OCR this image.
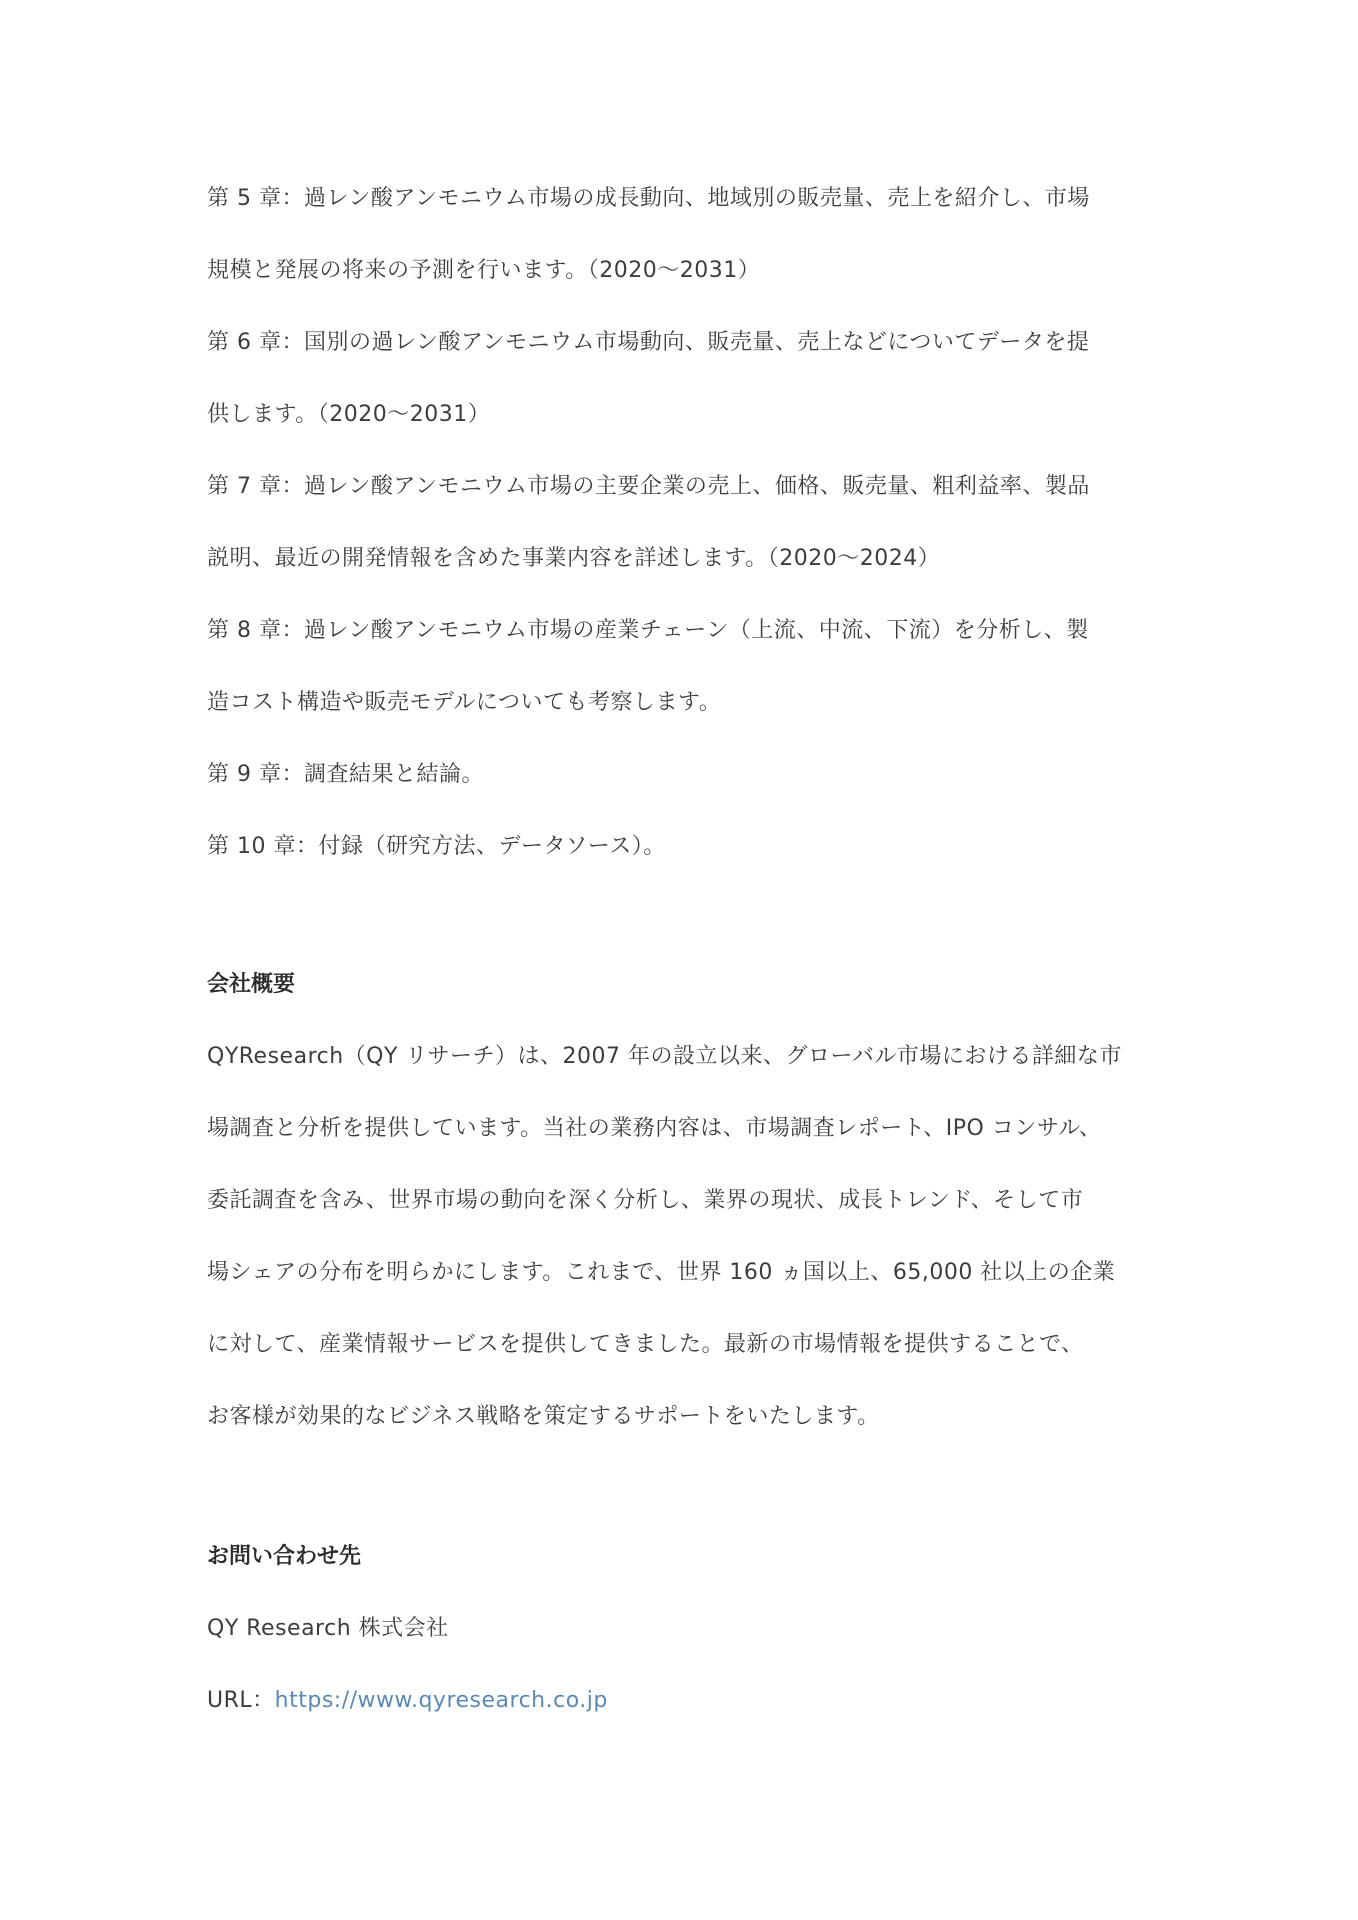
第 5 章：過レン酸アンモニウム市場の成長動向、地域別の販売量、売上を紹介し、市場
規模と発展の将来の予測を行います。（2020～2031）
第 6 章：国別の過レン酸アンモニウム市場動向、販売量、売上などについてデータを提
供します。（2020～2031）
第 7 章：過レン酸アンモニウム市場の主要企業の売上、価格、販売量、粗利益率、製品
説明、最近の開発情報を含めた事業内容を詳述します。（2020～2024）
第 8 章：過レン酸アンモニウム市場の産業チェーン（上流、中流、下流）を分析し、製
造コスト構造や販売モデルについても考察します。
第 9 章：調査結果と結論。
第 10 章：付録（研究方法、データソース）。
会社概要
QYResearch（QY リサーチ）は、2007 年の設立以来、グローバル市場における詳細な市
場調査と分析を提供しています。当社の業務内容は、市場調査レポート、IPO コンサル、
委託調査を含み、世界市場の動向を深く分析し、業界の現状、成長トレンド、そして市
場シェアの分布を明らかにします。これまで、世界 160 ヵ国以上、65,000 社以上の企業
に対して、産業情報サービスを提供してきました。最新の市場情報を提供することで、
お客様が効果的なビジネス戦略を策定するサポートをいたします。
お問い合わせ先
QY Research 株式会社
URL：https://www.qyresearch.co.jp
